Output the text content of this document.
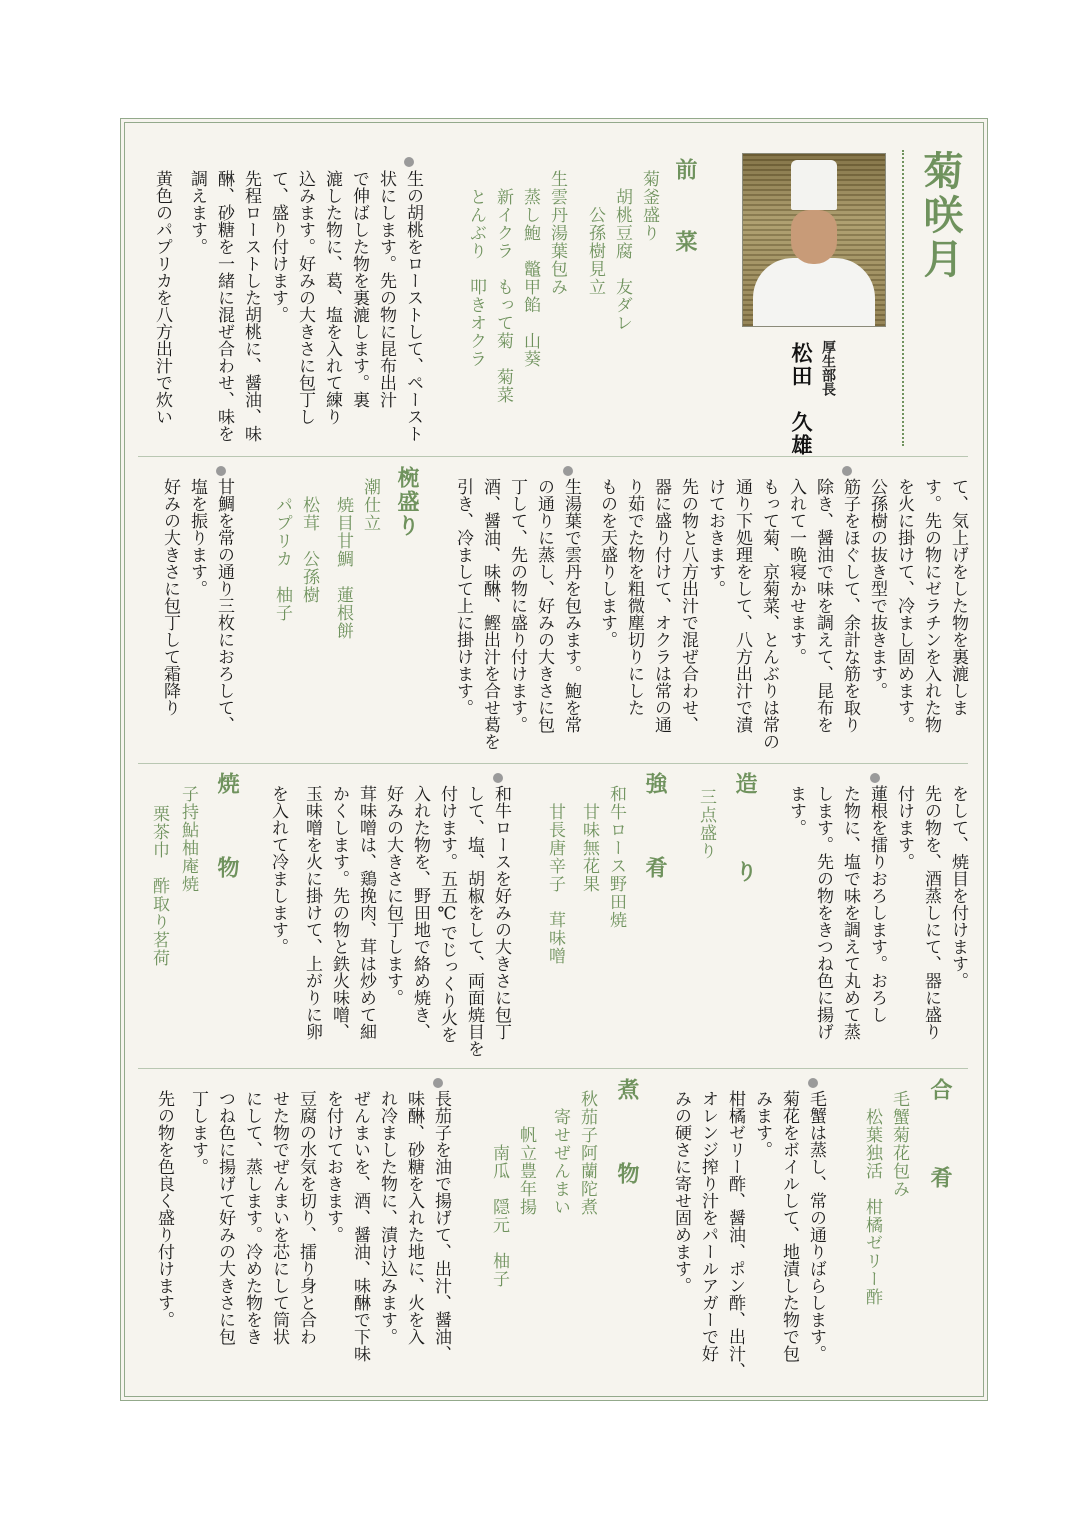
菊咲月
厚生部長
松田　久雄
前　菜
菊釜盛り
　胡桃豆腐　友ダレ
　　公孫樹見立
生雲丹湯葉包み
　蒸し鮑　鼈甲餡　山葵
　新イクラ　もって菊　菊菜
　とんぶり　叩きオクラ
生の胡桃をローストして、ペースト
状にします。先の物に昆布出汁
で伸ばした物を裏漉します。裏
漉した物に、葛、塩を入れて練り
込みます。好みの大きさに包丁し
て、盛り付けます。
先程ローストした胡桃に、醤油、味
醂、砂糖を一緒に混ぜ合わせ、味を
調えます。
黄色のパプリカを八方出汁で炊い
て、気上げをした物を裏漉しま
す。先の物にゼラチンを入れた物
を火に掛けて、冷まし固めます。
公孫樹の抜き型で抜きます。
筋子をほぐして、余計な筋を取り
除き、醤油で味を調えて、昆布を
入れて一晩寝かせます。
もって菊、京菊菜、とんぶりは常の
通り下処理をして、八方出汁で漬
けておきます。
先の物と八方出汁で混ぜ合わせ、
器に盛り付けて、オクラは常の通
り茹でた物を粗微塵切りにした
ものを天盛りします。
生湯葉で雲丹を包みます。鮑を常
の通りに蒸し、好みの大きさに包
丁して、先の物に盛り付けます。
酒、醤油、味醂、鰹出汁を合せ葛を
引き、冷まして上に掛けます。
椀盛り
潮仕立
　焼目甘鯛　蓮根餅
　松茸　公孫樹
　パプリカ　柚子
甘鯛を常の通り三枚におろして、
塩を振ります。
好みの大きさに包丁して霜降り
をして、焼目を付けます。
先の物を、酒蒸しにて、器に盛り
付けます。
蓮根を擂りおろします。おろし
た物に、塩で味を調えて丸めて蒸
します。先の物をきつね色に揚げ
ます。
造　り
三点盛り
強　肴
和牛ロース野田焼
　甘味無花果
　甘長唐辛子　茸味噌
和牛ロースを好みの大きさに包丁
して、塩、胡椒をして、両面焼目を
付けます。五五℃でじっくり火を
入れた物を、野田地で絡め焼き、
好みの大きさに包丁します。
茸味噌は、鶏挽肉、茸は炒めて細
かくします。先の物と鉄火味噌、
玉味噌を火に掛けて、上がりに卵
を入れて冷まします。
焼　物
子持鮎柚庵焼
栗茶巾　酢取り茗荷
合　肴
毛蟹菊花包み
　松葉独活　柑橘ゼリー酢
毛蟹は蒸し、常の通りばらします。
菊花をボイルして、地漬した物で包
みます。
柑橘ゼリー酢、醤油、ポン酢、出汁、
オレンジ搾り汁をパールアガーで好
みの硬さに寄せ固めます。
煮　物
秋茄子阿蘭陀煮
　寄せぜんまい
　　帆立豊年揚
　　　南瓜　隠元　柚子
長茄子を油で揚げて、出汁、醤油、
味醂、砂糖を入れた地に、火を入
れ冷ました物に、漬け込みます。
ぜんまいを、酒、醤油、味醂で下味
を付けておきます。
豆腐の水気を切り、擂り身と合わ
せた物でぜんまいを芯にして筒状
にして、蒸します。冷めた物をき
つね色に揚げて好みの大きさに包
丁します。
先の物を色良く盛り付けます。
